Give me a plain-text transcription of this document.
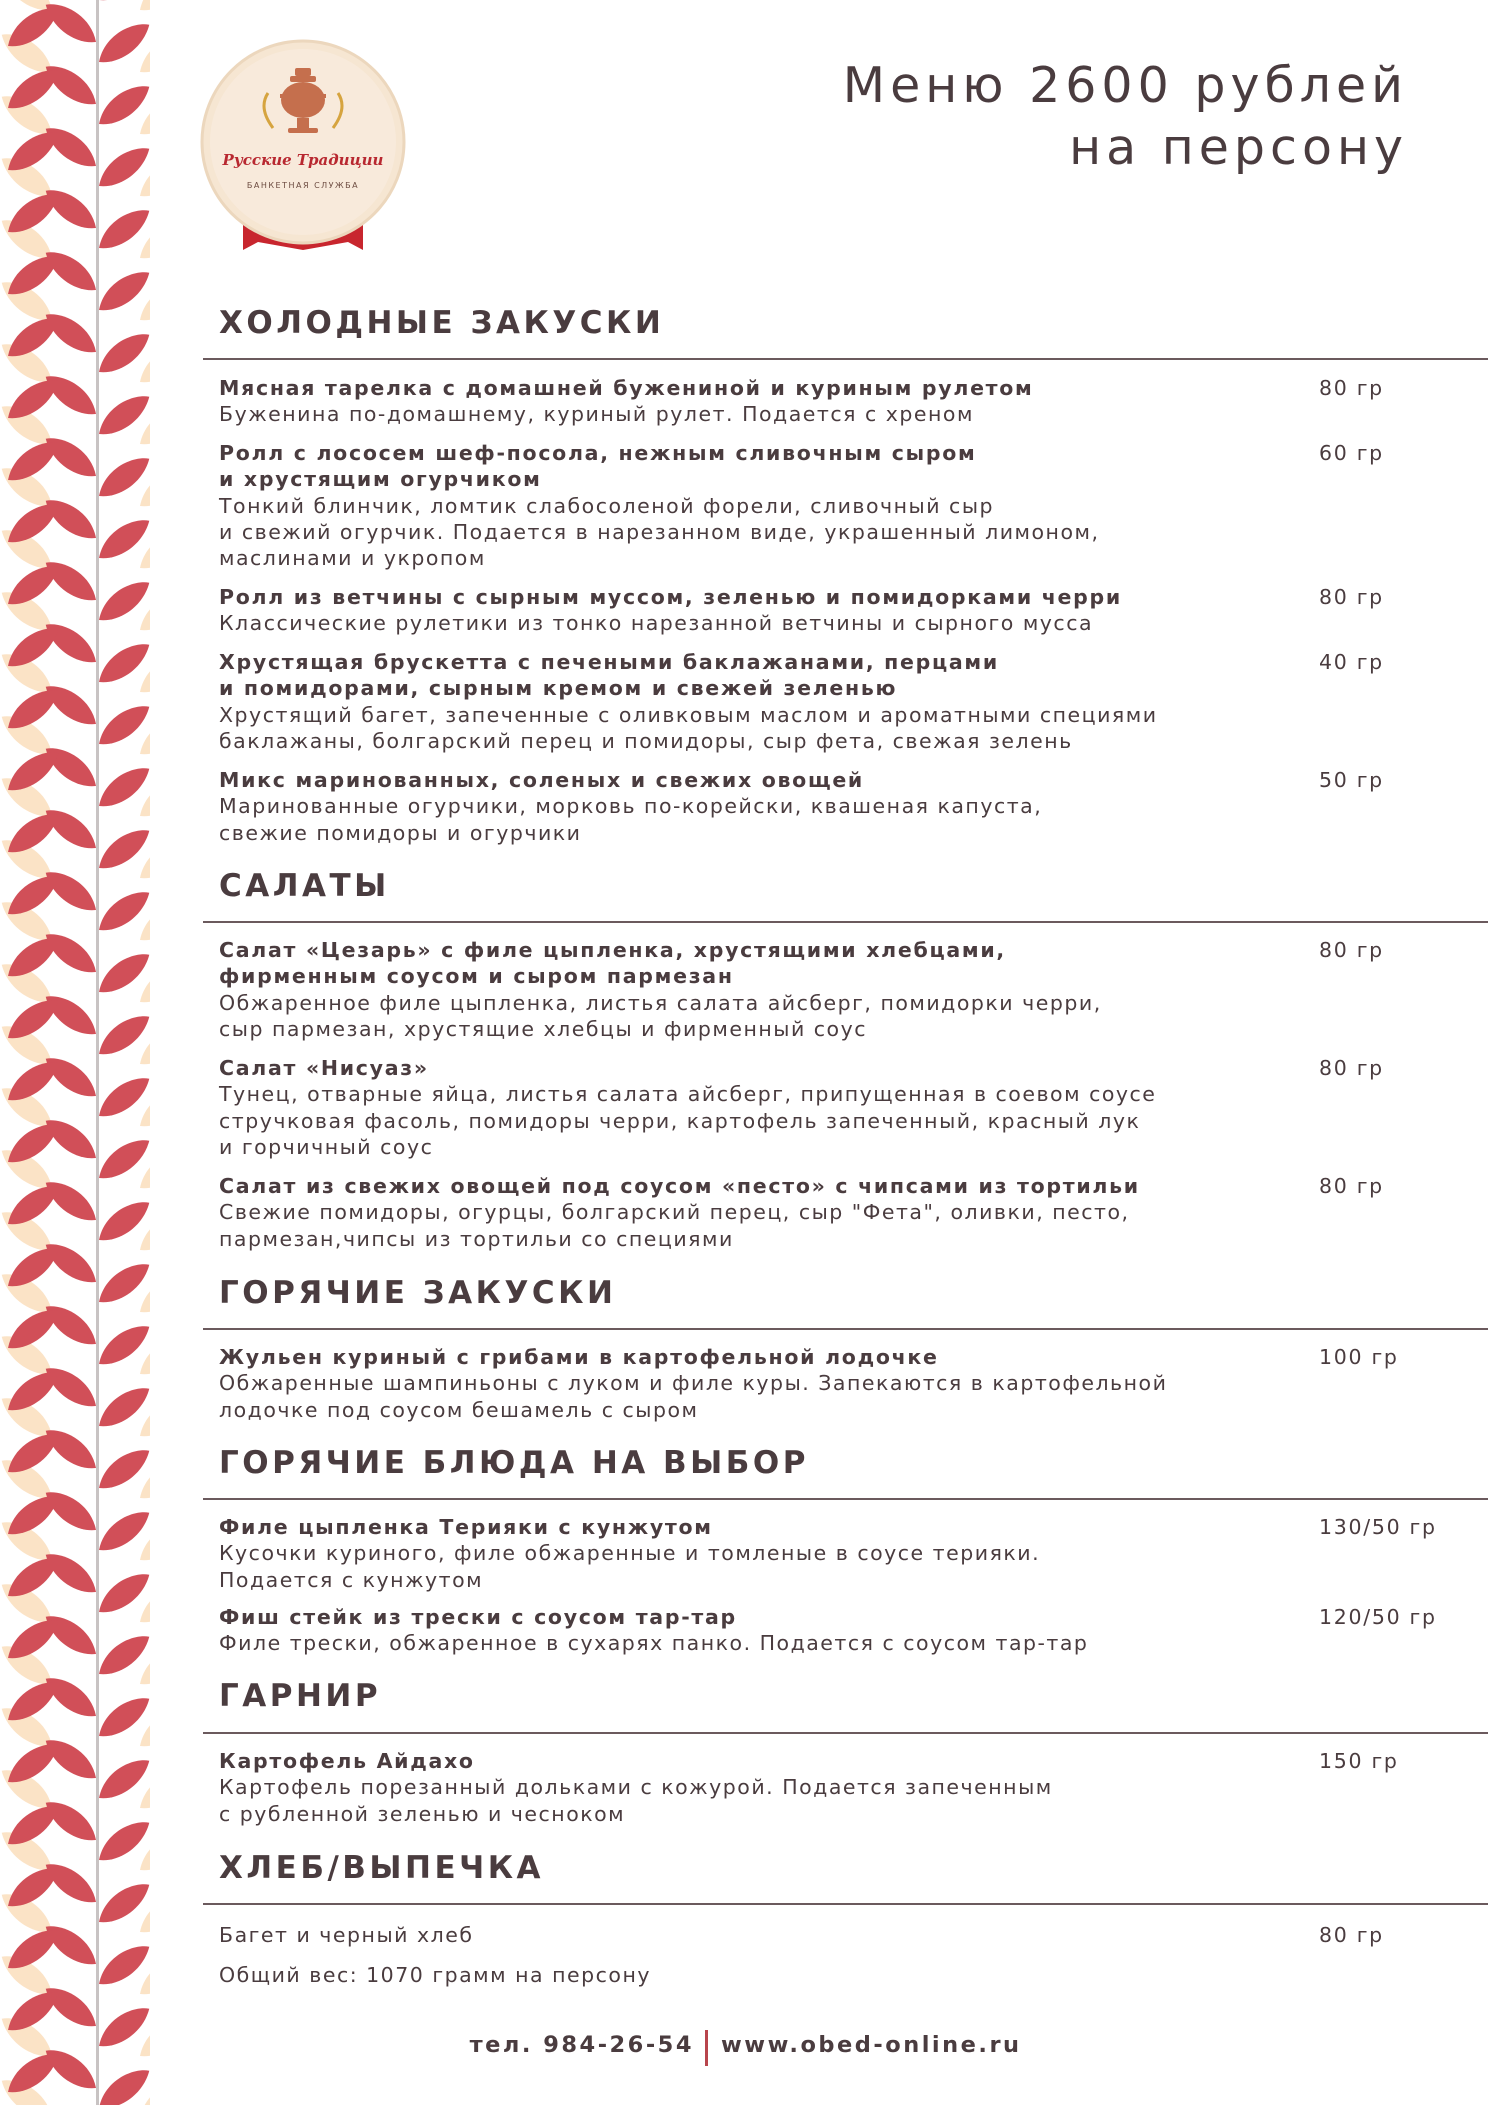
Русские Традиции
БАНКЕТНАЯ СЛУЖБА
Меню 2600 рублей
на персону
ХОЛОДНЫЕ ЗАКУСКИ
Мясная тарелка с домашней бужениной и куриным рулетом
Буженина по-домашнему, куриный рулет. Подается с хреном
80 гр
Ролл с лососем шеф-посола, нежным сливочным сыром
и хрустящим огурчиком
Тонкий блинчик, ломтик слабосоленой форели, сливочный сыр
и свежий огурчик. Подается в нарезанном виде, украшенный лимоном,
маслинами и укропом
60 гр
Ролл из ветчины с сырным муссом, зеленью и помидорками черри
Классические рулетики из тонко нарезанной ветчины и сырного мусса
80 гр
Хрустящая брускетта с печеными баклажанами, перцами
и помидорами, сырным кремом и свежей зеленью
Хрустящий багет, запеченные с оливковым маслом и ароматными специями
баклажаны, болгарский перец и помидоры, сыр фета, свежая зелень
40 гр
Микс маринованных, соленых и свежих овощей
Маринованные огурчики, морковь по-корейски, квашеная капуста,
свежие помидоры и огурчики
50 гр
САЛАТЫ
Салат «Цезарь» с филе цыпленка, хрустящими хлебцами,
фирменным соусом и сыром пармезан
Обжаренное филе цыпленка, листья салата айсберг, помидорки черри,
сыр пармезан, хрустящие хлебцы и фирменный соус
80 гр
Салат «Нисуаз»
Тунец, отварные яйца, листья салата айсберг, припущенная в соевом соусе
стручковая фасоль, помидоры черри, картофель запеченный, красный лук
и горчичный соус
80 гр
Салат из свежих овощей под соусом «песто» с чипсами из тортильи
Свежие помидоры, огурцы, болгарский перец, сыр "Фета", оливки, песто,
пармезан,чипсы из тортильи со специями
80 гр
ГОРЯЧИЕ ЗАКУСКИ
Жульен куриный с грибами в картофельной лодочке
Обжаренные шампиньоны с луком и филе куры. Запекаются в картофельной
лодочке под соусом бешамель с сыром
100 гр
ГОРЯЧИЕ БЛЮДА НА ВЫБОР
Филе цыпленка Терияки с кунжутом
Кусочки куриного, филе обжаренные и томленые в соусе терияки.
Подается с кунжутом
130/50 гр
Фиш стейк из трески с соусом тар-тар
Филе трески, обжаренное в сухарях панко. Подается с соусом тар-тар
120/50 гр
ГАРНИР
Картофель Айдахо
Картофель порезанный дольками с кожурой. Подается запеченным
с рубленной зеленью и чесноком
150 гр
ХЛЕБ/ВЫПЕЧКА
Багет и черный хлеб	80 гр
Общий вес: 1070 грамм на персону
тел. 984-26-54 www.obed-online.ru
